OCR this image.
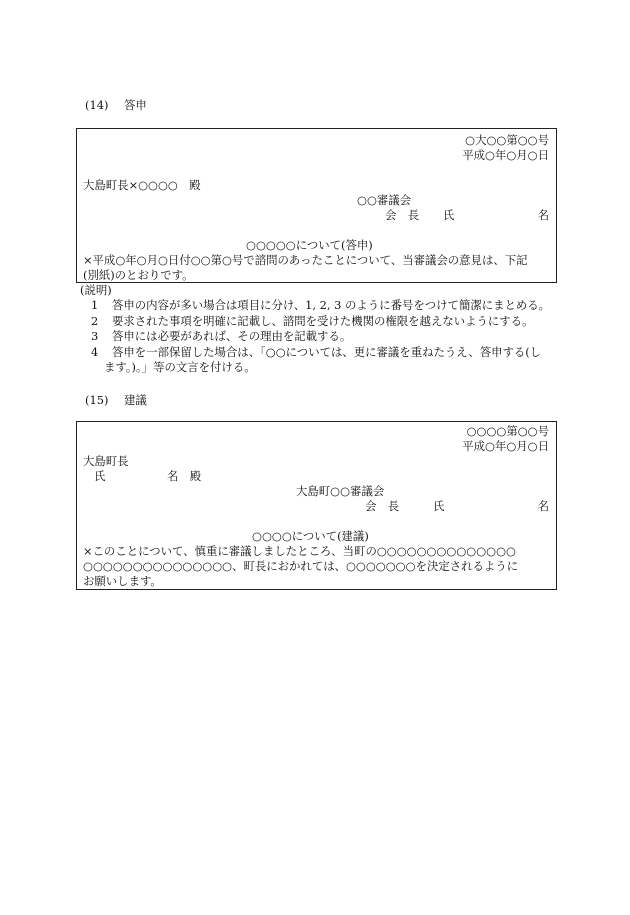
(14) 答申
○大○○第○○号
平成○年○月○日
大島町長×○○○○　殿
○○審議会
会　長 氏	名
○○○○○について(答申)
×平成○年○月○日付○○第○号で諮問のあったことについて、当審議会の意見は、下記
(別紙)のとおりです。
(説明)
1 答申の内容が多い場合は項目に分け、1, 2, 3 のように番号をつけて簡潔にまとめる。
2 要求された事項を明確に記載し、諮問を受けた機関の権限を越えないようにする。
3 答申には必要があれば、その理由を記載する。
4 答申を一部保留した場合は、「○○については、更に審議を重ねたうえ、答申する(し
ます。)。」等の文言を付ける。
(15) 建議
○○○○第○○号
平成○年○月○日
大島町長
氏	名　殿
大島町○○審議会
会　長	氏	名
○○○○について(建議)
×このことについて、慎重に審議しましたところ、当町の○○○○○○○○○○○○○○
○○○○○○○○○○○○○○○、町長におかれては、○○○○○○○を決定されるように
お願いします。
